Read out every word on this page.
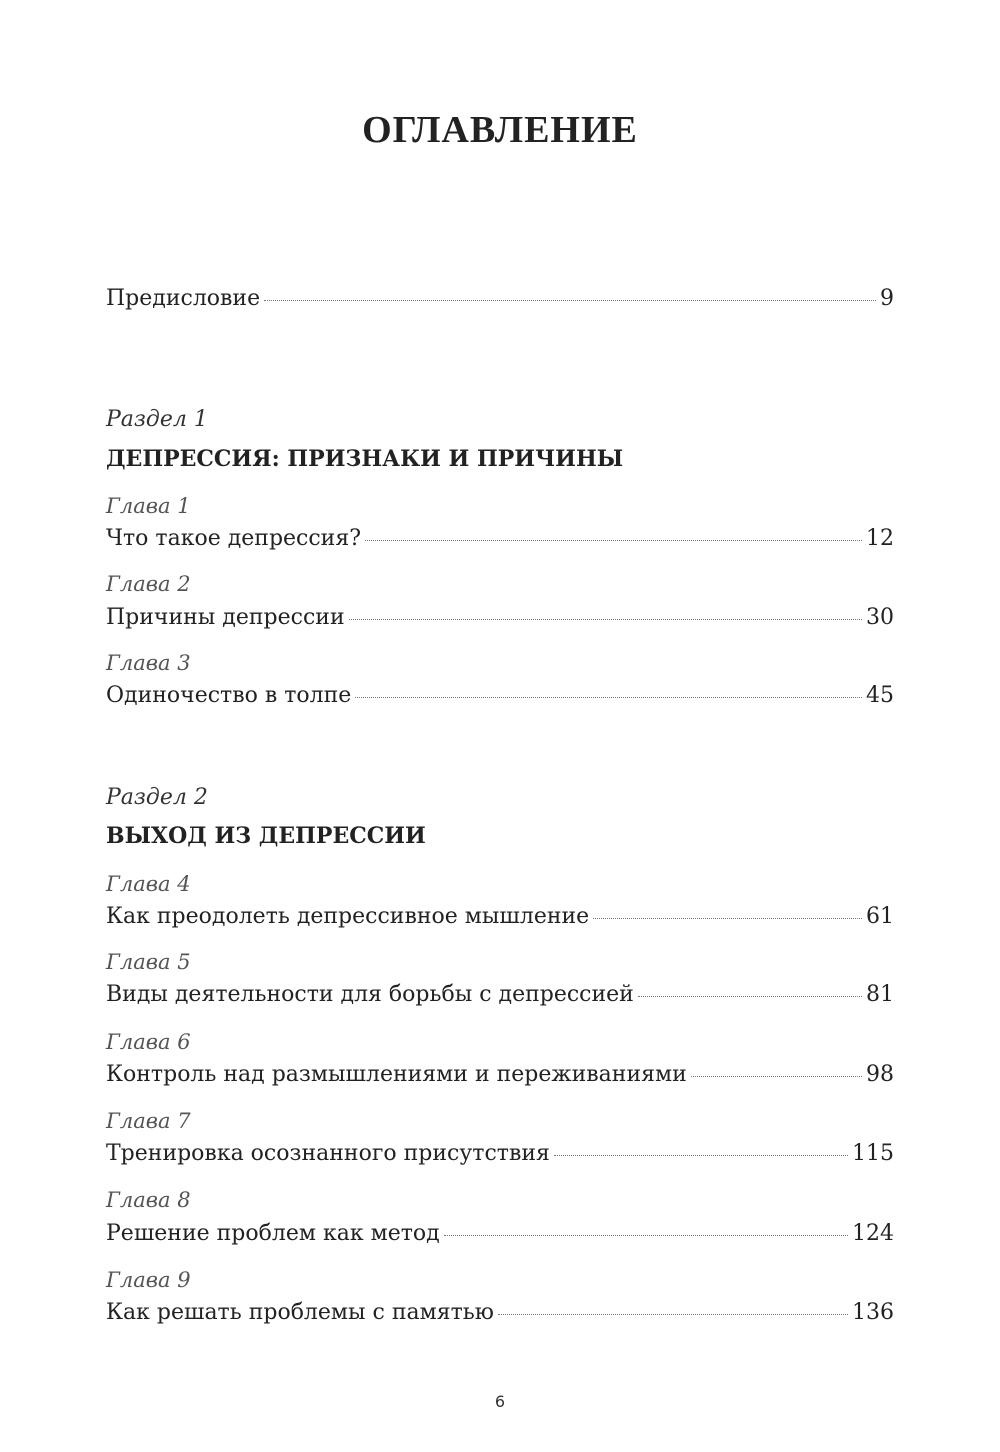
ОГЛАВЛЕНИЕ
Предисловие	9
Раздел 1
ДЕПРЕССИЯ: ПРИЗНАКИ И ПРИЧИНЫ
Глава 1
Что такое депрессия?	12
Глава 2
Причины депрессии	30
Глава 3
Одиночество в толпе	45
Раздел 2
ВЫХОД ИЗ ДЕПРЕССИИ
Глава 4
Как преодолеть депрессивное мышление	61
Глава 5
Виды деятельности для борьбы с депрессией	81
Глава 6
Контроль над размышлениями и переживаниями	98
Глава 7
Тренировка осознанного присутствия	115
Глава 8
Решение проблем как метод	124
Глава 9
Как решать проблемы с памятью	136
6
